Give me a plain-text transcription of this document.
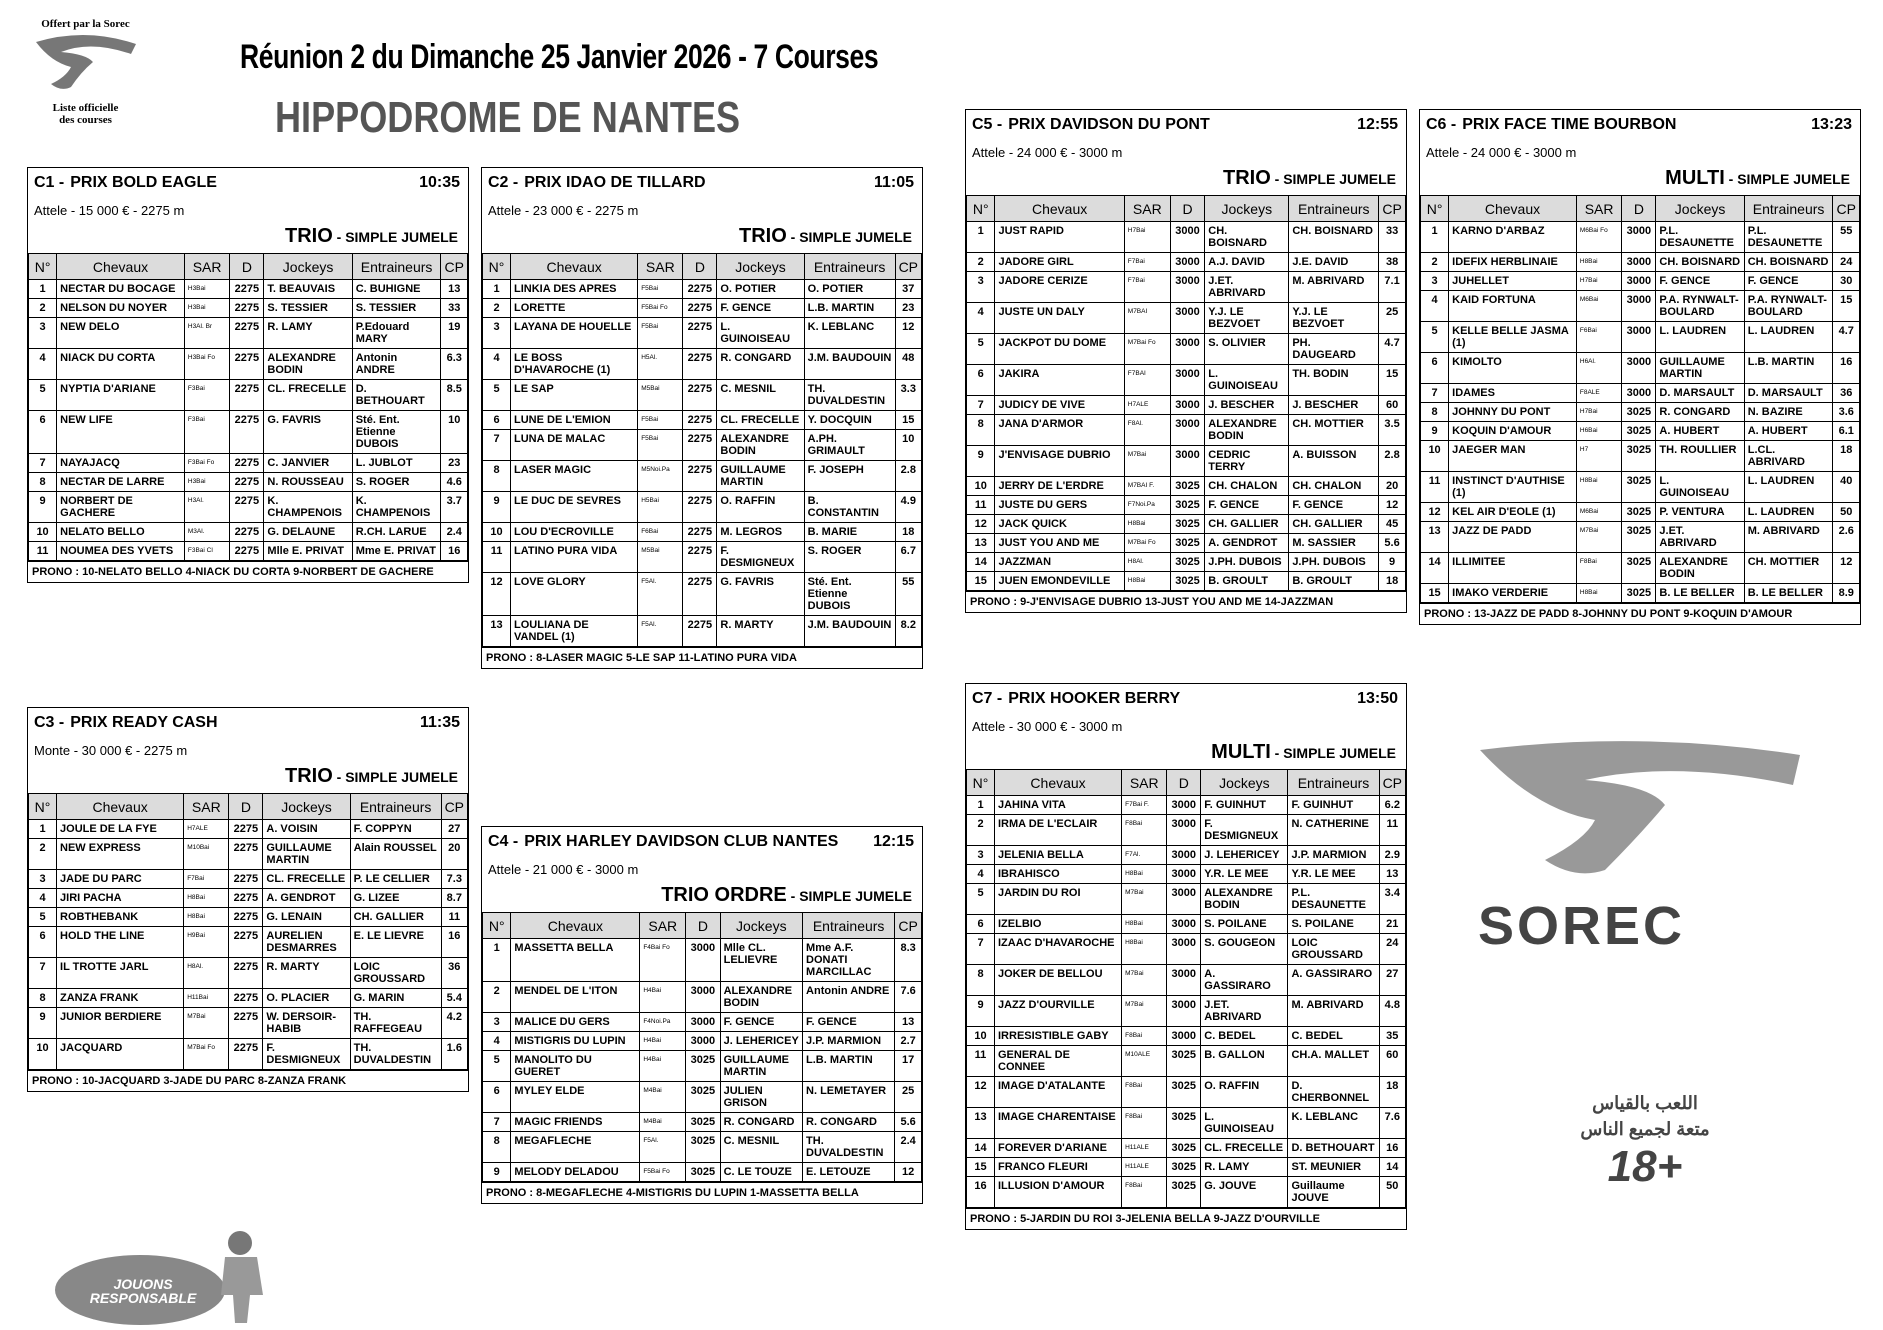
Offert par la Sorec
Liste officielle
des courses
Réunion 2 du Dimanche 25 Janvier 2026 - 7 Courses
HIPPODROME DE NANTES
C1 - PRIX BOLD EAGLE	10:35
Attele - 15 000 € - 2275 m
TRIO - SIMPLE JUMELE
N°	Chevaux	SAR	D	Jockeys	Entraineurs	CP
1	NECTAR DU BOCAGE	H3Bai	2275	T. BEAUVAIS	C. BUHIGNE	13
2	NELSON DU NOYER	H3Bai	2275	S. TESSIER	S. TESSIER	33
3	NEW DELO	H3Al. Br	2275	R. LAMY	P.Edouard MARY	19
4	NIACK DU CORTA	H3Bai Fo	2275	ALEXANDRE BODIN	Antonin ANDRE	6.3
5	NYPTIA D'ARIANE	F3Bai	2275	CL. FRECELLE	D. BETHOUART	8.5
6	NEW LIFE	F3Bai	2275	G. FAVRIS	Sté. Ent. Etienne DUBOIS	10
7	NAYAJACQ	F3Bai Fo	2275	C. JANVIER	L. JUBLOT	23
8	NECTAR DE LARRE	H3Bai	2275	N. ROUSSEAU	S. ROGER	4.6
9	NORBERT DE GACHERE	H3Al.	2275	K. CHAMPENOIS	K. CHAMPENOIS	3.7
10	NELATO BELLO	M3Al.	2275	G. DELAUNE	R.CH. LARUE	2.4
11	NOUMEA DES YVETS	F3Bai Cl	2275	Mlle E. PRIVAT	Mme E. PRIVAT	16
PRONO : 10-NELATO BELLO 4-NIACK DU CORTA 9-NORBERT DE GACHERE
C2 - PRIX IDAO DE TILLARD	11:05
Attele - 23 000 € - 2275 m
TRIO - SIMPLE JUMELE
N°	Chevaux	SAR	D	Jockeys	Entraineurs	CP
1	LINKIA DES APRES	F5Bai	2275	O. POTIER	O. POTIER	37
2	LORETTE	F5Bai Fo	2275	F. GENCE	L.B. MARTIN	23
3	LAYANA DE HOUELLE	F5Bai	2275	L. GUINOISEAU	K. LEBLANC	12
4	LE BOSS D'HAVAROCHE (1)	H5Al.	2275	R. CONGARD	J.M. BAUDOUIN	48
5	LE SAP	M5Bai	2275	C. MESNIL	TH. DUVALDESTIN	3.3
6	LUNE DE L'EMION	F5Bai	2275	CL. FRECELLE	Y. DOCQUIN	15
7	LUNA DE MALAC	F5Bai	2275	ALEXANDRE BODIN	A.PH. GRIMAULT	10
8	LASER MAGIC	M5Noi.Pa	2275	GUILLAUME MARTIN	F. JOSEPH	2.8
9	LE DUC DE SEVRES	H5Bai	2275	O. RAFFIN	B. CONSTANTIN	4.9
10	LOU D'ECROVILLE	F6Bai	2275	M. LEGROS	B. MARIE	18
11	LATINO PURA VIDA	M5Bai	2275	F. DESMIGNEUX	S. ROGER	6.7
12	LOVE GLORY	F5Al.	2275	G. FAVRIS	Sté. Ent. Etienne DUBOIS	55
13	LOULIANA DE VANDEL (1)	F5Al.	2275	R. MARTY	J.M. BAUDOUIN	8.2
PRONO : 8-LASER MAGIC 5-LE SAP 11-LATINO PURA VIDA
C3 - PRIX READY CASH	11:35
Monte - 30 000 € - 2275 m
TRIO - SIMPLE JUMELE
N°	Chevaux	SAR	D	Jockeys	Entraineurs	CP
1	JOULE DE LA FYE	H7ALE	2275	A. VOISIN	F. COPPYN	27
2	NEW EXPRESS	M10Bai	2275	GUILLAUME MARTIN	Alain ROUSSEL	20
3	JADE DU PARC	F7Bai	2275	CL. FRECELLE	P. LE CELLIER	7.3
4	JIRI PACHA	H8Bai	2275	A. GENDROT	G. LIZEE	8.7
5	ROBTHEBANK	H8Bai	2275	G. LENAIN	CH. GALLIER	11
6	HOLD THE LINE	H9Bai	2275	AURELIEN DESMARRES	E. LE LIEVRE	16
7	IL TROTTE JARL	H8Al.	2275	R. MARTY	LOIC GROUSSARD	36
8	ZANZA FRANK	H11Bai	2275	O. PLACIER	G. MARIN	5.4
9	JUNIOR BERDIERE	M7Bai	2275	W. DERSOIR-HABIB	TH. RAFFEGEAU	4.2
10	JACQUARD	M7Bai Fo	2275	F. DESMIGNEUX	TH. DUVALDESTIN	1.6
PRONO : 10-JACQUARD 3-JADE DU PARC 8-ZANZA FRANK
C4 - PRIX HARLEY DAVIDSON CLUB NANTES 12:15
Attele - 21 000 € - 3000 m
TRIO ORDRE - SIMPLE JUMELE
N°	Chevaux	SAR	D	Jockeys	Entraineurs	CP
1	MASSETTA BELLA	F4Bai Fo	3000	Mlle CL. LELIEVRE	Mme A.F. DONATI MARCILLAC	8.3
2	MENDEL DE L'ITON	H4Bai	3000	ALEXANDRE BODIN	Antonin ANDRE	7.6
3	MALICE DU GERS	F4Noi.Pa	3000	F. GENCE	F. GENCE	13
4	MISTIGRIS DU LUPIN	H4Bai	3000	J. LEHERICEY	J.P. MARMION	2.7
5	MANOLITO DU GUERET	H4Bai	3025	GUILLAUME MARTIN	L.B. MARTIN	17
6	MYLEY ELDE	M4Bai	3025	JULIEN GRISON	N. LEMETAYER	25
7	MAGIC FRIENDS	M4Bai	3025	R. CONGARD	R. CONGARD	5.6
8	MEGAFLECHE	F5Al.	3025	C. MESNIL	TH. DUVALDESTIN	2.4
9	MELODY DELADOU	F5Bai Fo	3025	C. LE TOUZE	E. LETOUZE	12
PRONO : 8-MEGAFLECHE 4-MISTIGRIS DU LUPIN 1-MASSETTA BELLA
C5 - PRIX DAVIDSON DU PONT	12:55
Attele - 24 000 € - 3000 m
TRIO - SIMPLE JUMELE
N°	Chevaux	SAR	D	Jockeys	Entraineurs	CP
1	JUST RAPID	H7Bai	3000	CH. BOISNARD	CH. BOISNARD	33
2	JADORE GIRL	F7Bai	3000	A.J. DAVID	J.E. DAVID	38
3	JADORE CERIZE	F7Bai	3000	J.ET. ABRIVARD	M. ABRIVARD	7.1
4	JUSTE UN DALY	M7BAI	3000	Y.J. LE BEZVOET	Y.J. LE BEZVOET	25
5	JACKPOT DU DOME	M7Bai Fo	3000	S. OLIVIER	PH. DAUGEARD	4.7
6	JAKIRA	F7BAI	3000	L. GUINOISEAU	TH. BODIN	15
7	JUDICY DE VIVE	H7ALE	3000	J. BESCHER	J. BESCHER	60
8	JANA D'ARMOR	F8Al.	3000	ALEXANDRE BODIN	CH. MOTTIER	3.5
9	J'ENVISAGE DUBRIO	M7Bai	3000	CEDRIC TERRY	A. BUISSON	2.8
10	JERRY DE L'ERDRE	M7BAI F.	3025	CH. CHALON	CH. CHALON	20
11	JUSTE DU GERS	F7Noi.Pa	3025	F. GENCE	F. GENCE	12
12	JACK QUICK	H8Bai	3025	CH. GALLIER	CH. GALLIER	45
13	JUST YOU AND ME	M7Bai Fo	3025	A. GENDROT	M. SASSIER	5.6
14	JAZZMAN	H8Al.	3025	J.PH. DUBOIS	J.PH. DUBOIS	9
15	JUEN EMONDEVILLE	H8Bai	3025	B. GROULT	B. GROULT	18
PRONO : 9-J'ENVISAGE DUBRIO 13-JUST YOU AND ME 14-JAZZMAN
C6 - PRIX FACE TIME BOURBON	13:23
Attele - 24 000 € - 3000 m
MULTI - SIMPLE JUMELE
N°	Chevaux	SAR	D	Jockeys	Entraineurs	CP
1	KARNO D'ARBAZ	M6Bai Fo	3000	P.L. DESAUNETTE	P.L. DESAUNETTE	55
2	IDEFIX HERBLINAIE	H8Bai	3000	CH. BOISNARD	CH. BOISNARD	24
3	JUHELLET	H7Bai	3000	F. GENCE	F. GENCE	30
4	KAID FORTUNA	M6Bai	3000	P.A. RYNWALT-BOULARD	P.A. RYNWALT-BOULARD	15
5	KELLE BELLE JASMA (1)	F6Bai	3000	L. LAUDREN	L. LAUDREN	4.7
6	KIMOLTO	H6Al.	3000	GUILLAUME MARTIN	L.B. MARTIN	16
7	IDAMES	F8ALE	3000	D. MARSAULT	D. MARSAULT	36
8	JOHNNY DU PONT	H7Bai	3025	R. CONGARD	N. BAZIRE	3.6
9	KOQUIN D'AMOUR	H6Bai	3025	A. HUBERT	A. HUBERT	6.1
10	JAEGER MAN	H7	3025	TH. ROULLIER	L.CL. ABRIVARD	18
11	INSTINCT D'AUTHISE (1)	H8Bai	3025	L. GUINOISEAU	L. LAUDREN	40
12	KEL AIR D'EOLE (1)	M6Bai	3025	P. VENTURA	L. LAUDREN	50
13	JAZZ DE PADD	M7Bai	3025	J.ET. ABRIVARD	M. ABRIVARD	2.6
14	ILLIMITEE	F8Bai	3025	ALEXANDRE BODIN	CH. MOTTIER	12
15	IMAKO VERDERIE	H8Bai	3025	B. LE BELLER	B. LE BELLER	8.9
PRONO : 13-JAZZ DE PADD 8-JOHNNY DU PONT 9-KOQUIN D'AMOUR
C7 - PRIX HOOKER BERRY	13:50
Attele - 30 000 € - 3000 m
MULTI - SIMPLE JUMELE
N°	Chevaux	SAR	D	Jockeys	Entraineurs	CP
1	JAHINA VITA	F7Bai F.	3000	F. GUINHUT	F. GUINHUT	6.2
2	IRMA DE L'ECLAIR	F8Bai	3000	F. DESMIGNEUX	N. CATHERINE	11
3	JELENIA BELLA	F7Al.	3000	J. LEHERICEY	J.P. MARMION	2.9
4	IBRAHISCO	H8Bai	3000	Y.R. LE MEE	Y.R. LE MEE	13
5	JARDIN DU ROI	M7Bai	3000	ALEXANDRE BODIN	P.L. DESAUNETTE	3.4
6	IZELBIO	H8Bai	3000	S. POILANE	S. POILANE	21
7	IZAAC D'HAVAROCHE	H8Bai	3000	S. GOUGEON	LOIC GROUSSARD	24
8	JOKER DE BELLOU	M7Bai	3000	A. GASSIRARO	A. GASSIRARO	27
9	JAZZ D'OURVILLE	M7Bai	3000	J.ET. ABRIVARD	M. ABRIVARD	4.8
10	IRRESISTIBLE GABY	F8Bai	3000	C. BEDEL	C. BEDEL	35
11	GENERAL DE CONNEE	M10ALE	3025	B. GALLON	CH.A. MALLET	60
12	IMAGE D'ATALANTE	F8Bai	3025	O. RAFFIN	D. CHERBONNEL	18
13	IMAGE CHARENTAISE	F8Bai	3025	L. GUINOISEAU	K. LEBLANC	7.6
14	FOREVER D'ARIANE	H11ALE	3025	CL. FRECELLE	D. BETHOUART	16
15	FRANCO FLEURI	H11ALE	3025	R. LAMY	ST. MEUNIER	14
16	ILLUSION D'AMOUR	F8Bai	3025	G. JOUVE	Guillaume JOUVE	50
PRONO : 5-JARDIN DU ROI 3-JELENIA BELLA 9-JAZZ D'OURVILLE
SOREC
اللعب بالقياس
متعة لجميع الناس
18+
JOUONS
RESPONSABLE
